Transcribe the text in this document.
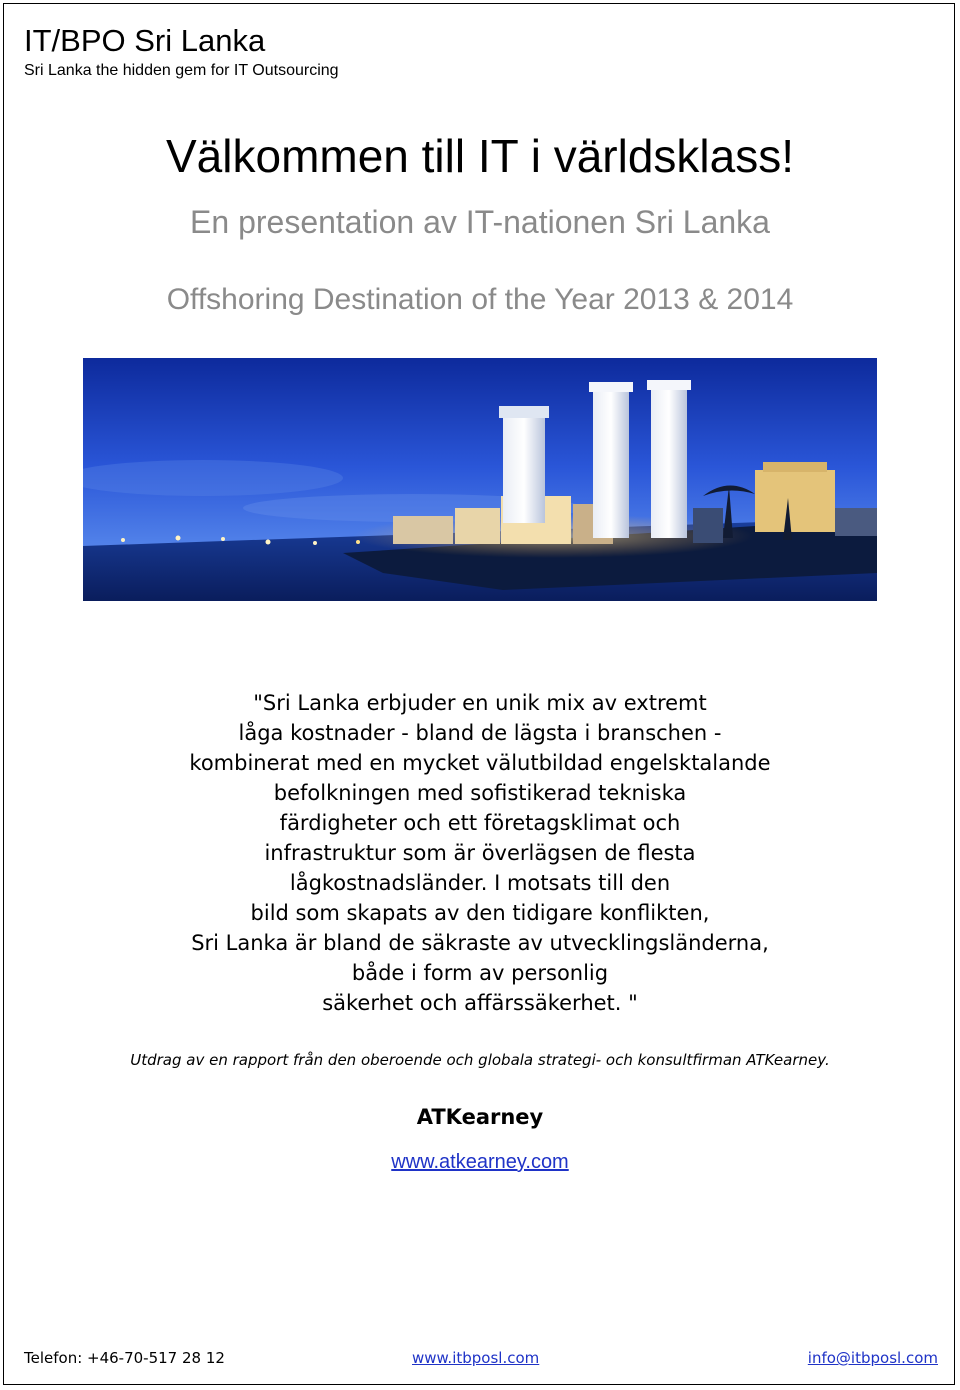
IT/BPO Sri Lanka
Sri Lanka the hidden gem for IT Outsourcing
Välkommen till IT i världsklass!
En presentation av IT-nationen Sri Lanka
Offshoring Destination of the Year 2013 & 2014
"Sri Lanka erbjuder en unik mix av extremt
låga kostnader - bland de lägsta i branschen -
kombinerat med en mycket välutbildad engelsktalande
befolkningen med sofistikerad tekniska
färdigheter och ett företagsklimat och
infrastruktur som är överlägsen de flesta
lågkostnadsländer. I motsats till den
bild som skapats av den tidigare konflikten,
Sri Lanka är bland de säkraste av utvecklingsländerna,
både i form av personlig
säkerhet och affärssäkerhet. "
Utdrag av en rapport från den oberoende och globala strategi- och konsultfirman ATKearney.
ATKearney
www.atkearney.com
Telefon: +46-70-517 28 12	www.itbposl.com	info@itbposl.com
